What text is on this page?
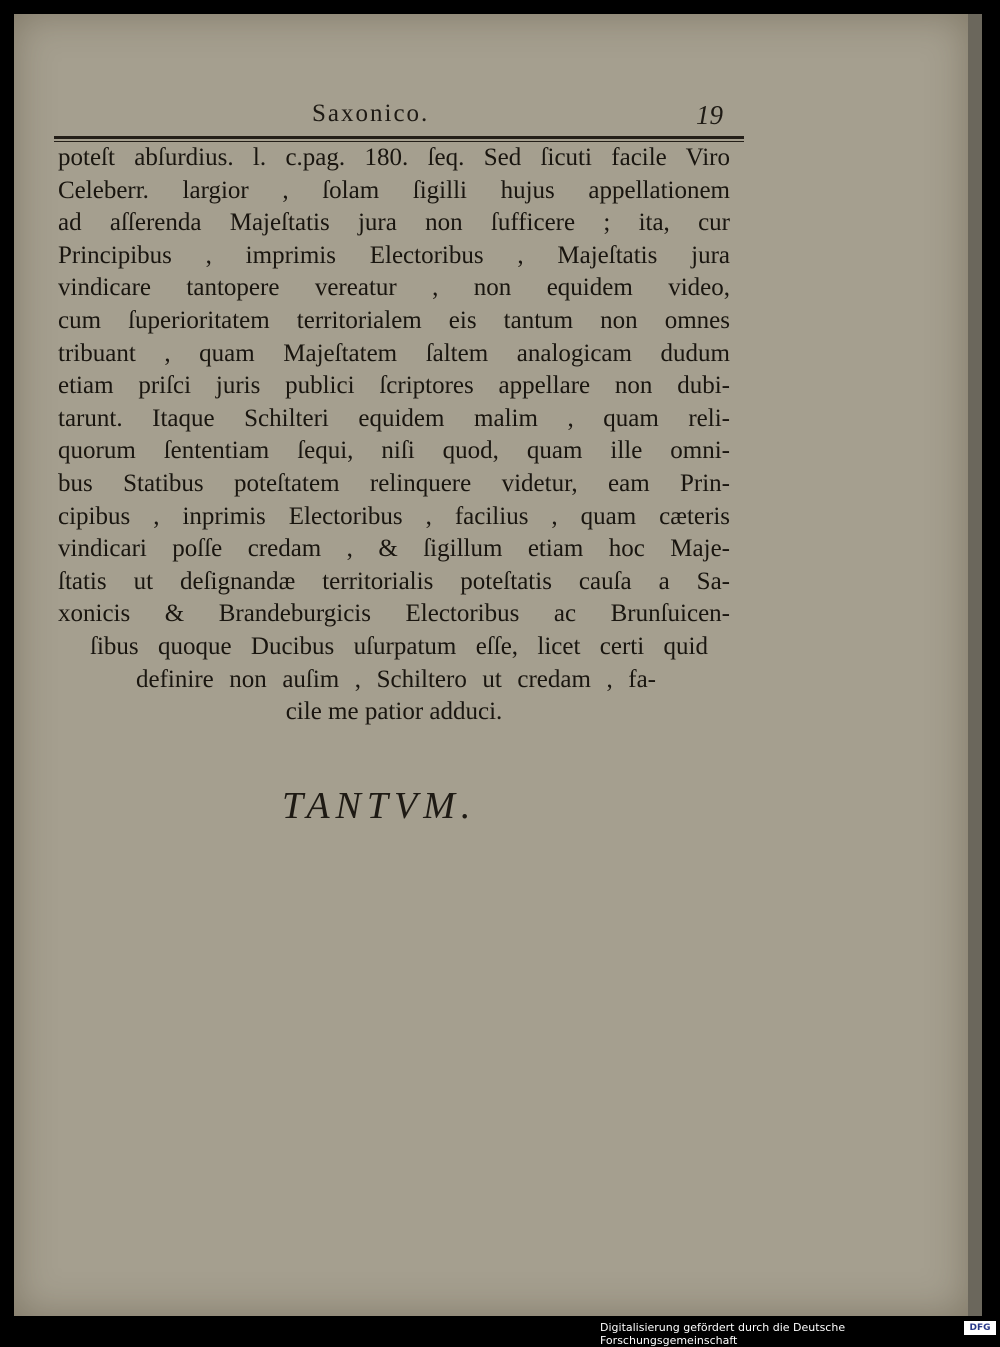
Saxonico.	19
poteſt abſurdius. l. c.pag. 180. ſeq. Sed ſicuti facile Viro
Celeberr. largior , ſolam ſigilli hujus appellationem
ad aſſerenda Majeſtatis jura non ſufficere ; ita, cur
Principibus , imprimis Electoribus , Majeſtatis jura
vindicare tantopere vereatur , non equidem video,
cum ſuperioritatem territorialem eis tantum non omnes
tribuant , quam Majeſtatem ſaltem analogicam dudum
etiam priſci juris publici ſcriptores appellare non dubi-
tarunt. Itaque Schilteri equidem malim , quam reli-
quorum ſententiam ſequi, niſi quod, quam ille omni-
bus Statibus poteſtatem relinquere videtur, eam Prin-
cipibus , inprimis Electoribus , facilius , quam cæteris
vindicari poſſe credam , & ſigillum etiam hoc Maje-
ſtatis ut deſignandæ territorialis poteſtatis cauſa a Sa-
xonicis & Brandeburgicis Electoribus ac Brunſuicen-
ſibus quoque Ducibus uſurpatum eſſe, licet certi quid
definire non auſim , Schiltero ut credam , fa-
cile me patior adduci.
TANTVM.
Digitalisierung gefördert durch die Deutsche Forschungsgemeinschaft
DFG
